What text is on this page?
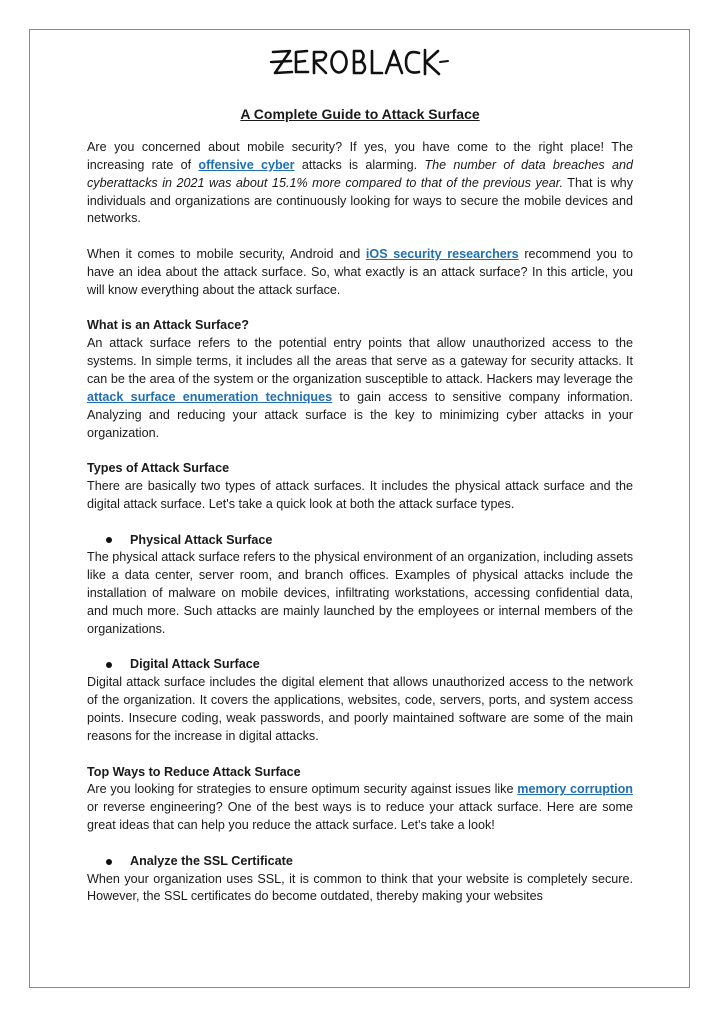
ZEROBLACK
A Complete Guide to Attack Surface

Are you concerned about mobile security? If yes, you have come to the right place! The increasing rate of offensive cyber attacks is alarming. The number of data breaches and cyberattacks in 2021 was about 15.1% more compared to that of the previous year. That is why individuals and organizations are continuously looking for ways to secure the mobile devices and networks.

When it comes to mobile security, Android and iOS security researchers recommend you to have an idea about the attack surface. So, what exactly is an attack surface? In this article, you will know everything about the attack surface.

What is an Attack Surface?

An attack surface refers to the potential entry points that allow unauthorized access to the systems. In simple terms, it includes all the areas that serve as a gateway for security attacks. It can be the area of the system or the organization susceptible to attack. Hackers may leverage the attack surface enumeration techniques to gain access to sensitive company information. Analyzing and reducing your attack surface is the key to minimizing cyber attacks in your organization.

Types of Attack Surface

There are basically two types of attack surfaces. It includes the physical attack surface and the digital attack surface. Let's take a quick look at both the attack surface types.

Physical Attack Surface

The physical attack surface refers to the physical environment of an organization, including assets like a data center, server room, and branch offices. Examples of physical attacks include the installation of malware on mobile devices, infiltrating workstations, accessing confidential data, and much more. Such attacks are mainly launched by the employees or internal members of the organizations.

Digital Attack Surface

Digital attack surface includes the digital element that allows unauthorized access to the network of the organization. It covers the applications, websites, code, servers, ports, and system access points. Insecure coding, weak passwords, and poorly maintained software are some of the main reasons for the increase in digital attacks.

Top Ways to Reduce Attack Surface

Are you looking for strategies to ensure optimum security against issues like memory corruption or reverse engineering? One of the best ways is to reduce your attack surface. Here are some great ideas that can help you reduce the attack surface. Let's take a look!

Analyze the SSL Certificate

When your organization uses SSL, it is common to think that your website is completely secure. However, the SSL certificates do become outdated, thereby making your websites
